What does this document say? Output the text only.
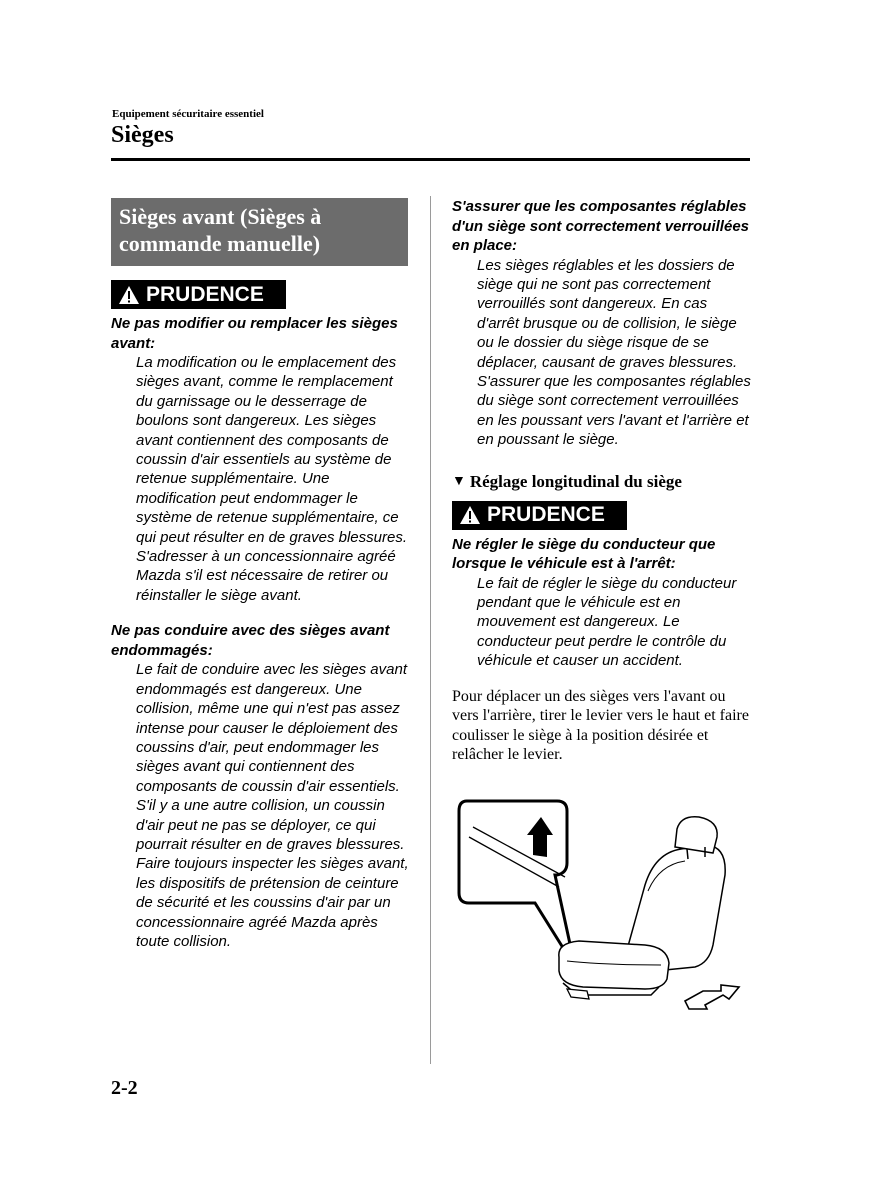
Equipement sécuritaire essentiel
Sièges
Sièges avant (Sièges à commande manuelle)
PRUDENCE
Ne pas modifier ou remplacer les sièges avant:
La modification ou le emplacement des sièges avant, comme le remplacement du garnissage ou le desserrage de boulons sont dangereux. Les sièges avant contiennent des composants de coussin d'air essentiels au système de retenue supplémentaire. Une modification peut endommager le système de retenue supplémentaire, ce qui peut résulter en de graves blessures. S'adresser à un concessionnaire agréé Mazda s'il est nécessaire de retirer ou réinstaller le siège avant.
Ne pas conduire avec des sièges avant endommagés:
Le fait de conduire avec les sièges avant endommagés est dangereux. Une collision, même une qui n'est pas assez intense pour causer le déploiement des coussins d'air, peut endommager les sièges avant qui contiennent des composants de coussin d'air essentiels. S'il y a une autre collision, un coussin d'air peut ne pas se déployer, ce qui pourrait résulter en de graves blessures. Faire toujours inspecter les sièges avant, les dispositifs de prétension de ceinture de sécurité et les coussins d'air par un concessionnaire agréé Mazda après toute collision.
S'assurer que les composantes réglables d'un siège sont correctement verrouillées en place:
Les sièges réglables et les dossiers de siège qui ne sont pas correctement verrouillés sont dangereux. En cas d'arrêt brusque ou de collision, le siège ou le dossier du siège risque de se déplacer, causant de graves blessures. S'assurer que les composantes réglables du siège sont correctement verrouillées en les poussant vers l'avant et l'arrière et en poussant le siège.
▼ Réglage longitudinal du siège
PRUDENCE
Ne régler le siège du conducteur que lorsque le véhicule est à l'arrêt:
Le fait de régler le siège du conducteur pendant que le véhicule est en mouvement est dangereux. Le conducteur peut perdre le contrôle du véhicule et causer un accident.
Pour déplacer un des sièges vers l'avant ou vers l'arrière, tirer le levier vers le haut et faire coulisser le siège à la position désirée et relâcher le levier.
2-2
